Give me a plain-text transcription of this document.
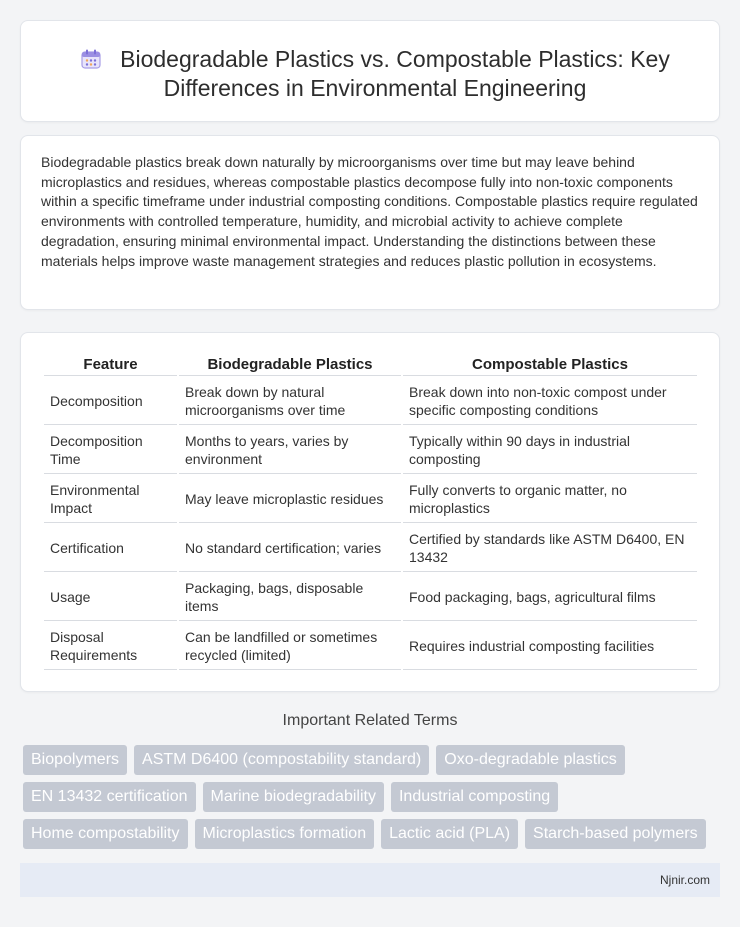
Biodegradable Plastics vs. Compostable Plastics: Key Differences in Environmental Engineering

Biodegradable plastics break down naturally by microorganisms over time but may leave behind microplastics and residues, whereas compostable plastics decompose fully into non-toxic components within a specific timeframe under industrial composting conditions. Compostable plastics require regulated environments with controlled temperature, humidity, and microbial activity to achieve complete degradation, ensuring minimal environmental impact. Understanding the distinctions between these materials helps improve waste management strategies and reduces plastic pollution in ecosystems.

Feature	Biodegradable Plastics	Compostable Plastics
Decomposition	Break down by natural microorganisms over time	Break down into non-toxic compost under specific composting conditions
Decomposition Time	Months to years, varies by environment	Typically within 90 days in industrial composting
Environmental Impact	May leave microplastic residues	Fully converts to organic matter, no microplastics
Certification	No standard certification; varies	Certified by standards like ASTM D6400, EN 13432
Usage	Packaging, bags, disposable items	Food packaging, bags, agricultural films
Disposal Requirements	Can be landfilled or sometimes recycled (limited)	Requires industrial composting facilities
Important Related Terms
Biopolymers	ASTM D6400 (compostability standard)	Oxo-degradable plastics
EN 13432 certification	Marine biodegradability	Industrial composting
Home compostability	Microplastics formation	Lactic acid (PLA)	Starch-based polymers
Njnir.com
